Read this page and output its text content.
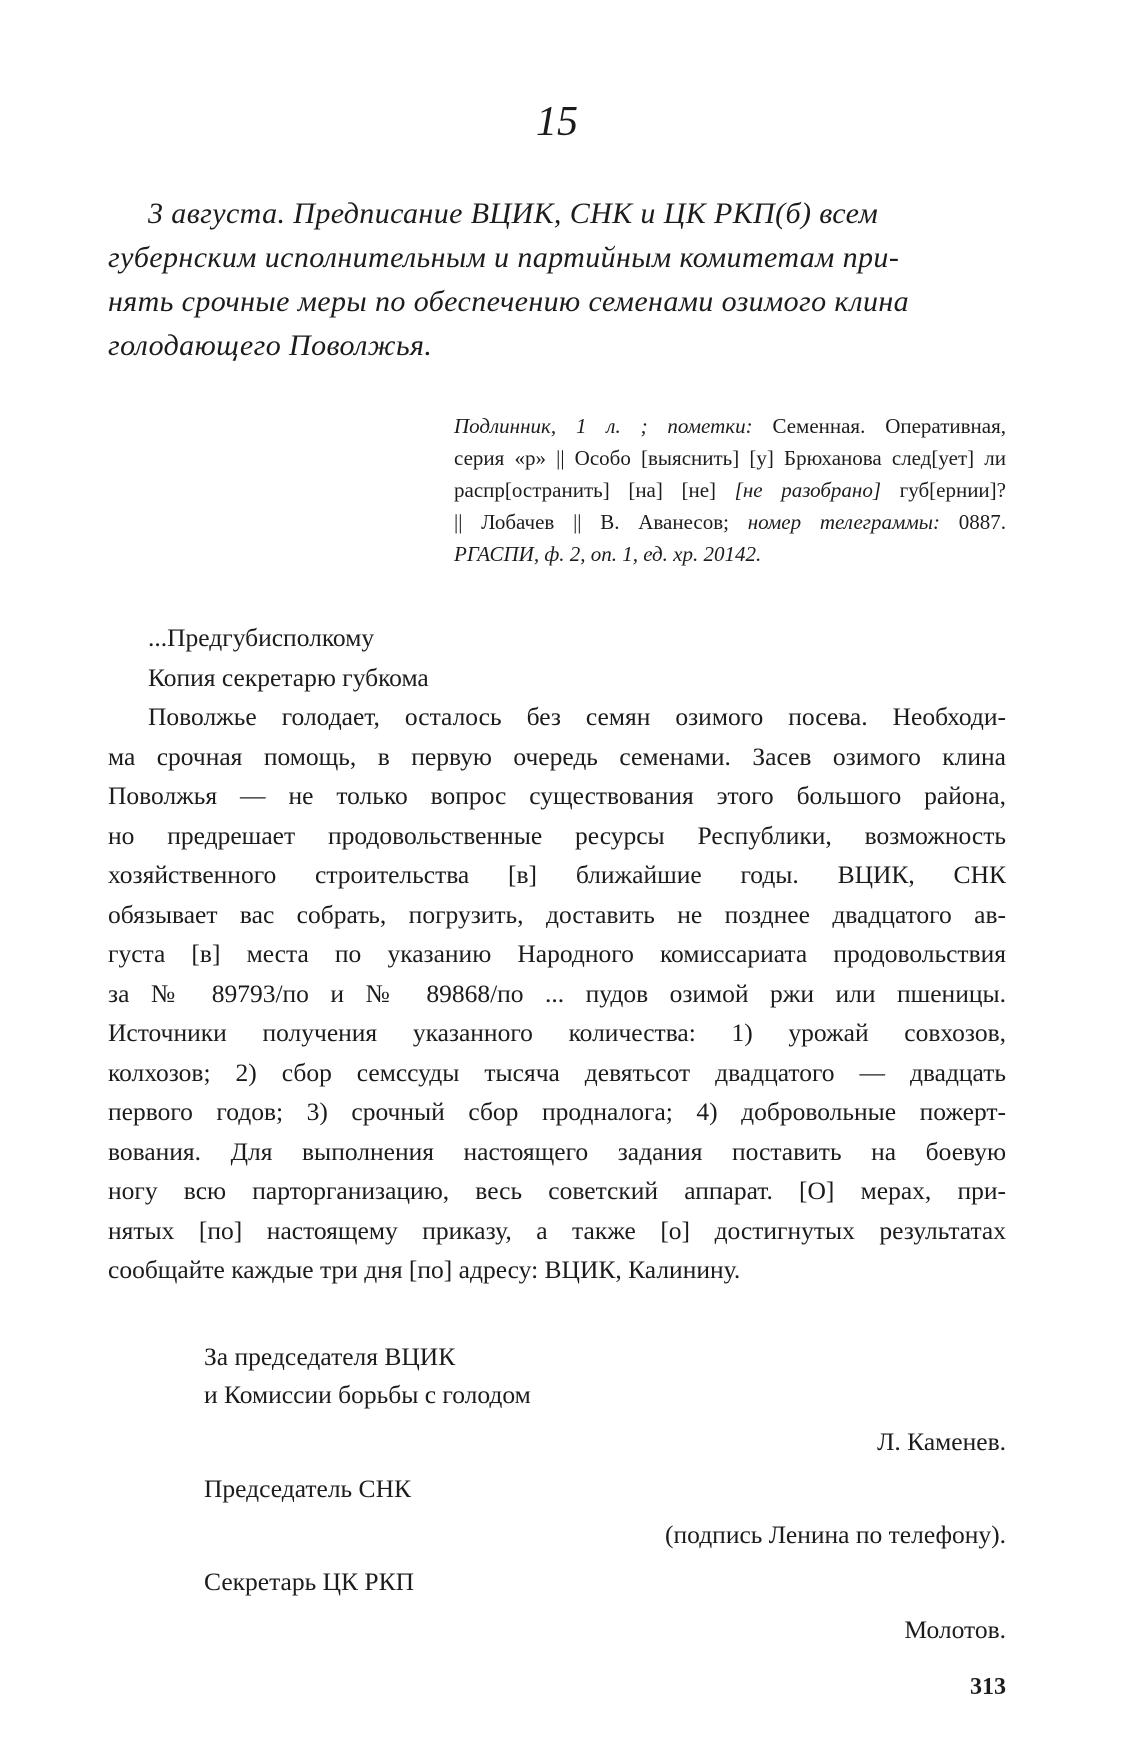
15
3 августа. Предписание ВЦИК, СНК и ЦК РКП(б) всем
губернским исполнительным и партийным комитетам при-
нять срочные меры по обеспечению семенами озимого клина
голодающего Поволжья.
Подлинник, 1 л. ; пометки: Семенная. Оперативная,
серия «р» || Особо [выяснить] [у] Брюханова след[ует] ли
распр[остранить] [на] [не] [не разобрано] губ[ернии]?
|| Лобачев || В. Аванесов; номер телеграммы: 0887.
РГАСПИ, ф. 2, оп. 1, ед. хр. 20142.
...Предгубисполкому
Копия секретарю губкома
Поволжье голодает, осталось без семян озимого посева. Необходи-
ма срочная помощь, в первую очередь семенами. Засев озимого клина
Поволжья — не только вопрос существования этого большого района,
но предрешает продовольственные ресурсы Республики, возможность
хозяйственного строительства [в] ближайшие годы. ВЦИК, СНК
обязывает вас собрать, погрузить, доставить не позднее двадцатого ав-
густа [в] места по указанию Народного комиссариата продовольствия
за № 89793/по и № 89868/по ... пудов озимой ржи или пшеницы.
Источники получения указанного количества: 1) урожай совхозов,
колхозов; 2) сбор семссуды тысяча девятьсот двадцатого — двадцать
первого годов; 3) срочный сбор продналога; 4) добровольные пожерт-
вования. Для выполнения настоящего задания поставить на боевую
ногу всю парторганизацию, весь советский аппарат. [О] мерах, при-
нятых [по] настоящему приказу, а также [о] достигнутых результатах
сообщайте каждые три дня [по] адресу: ВЦИК, Калинину.
За председателя ВЦИК
и Комиссии борьбы с голодом
Л. Каменев.
Председатель СНК
(подпись Ленина по телефону).
Секретарь ЦК РКП
Молотов.
313
